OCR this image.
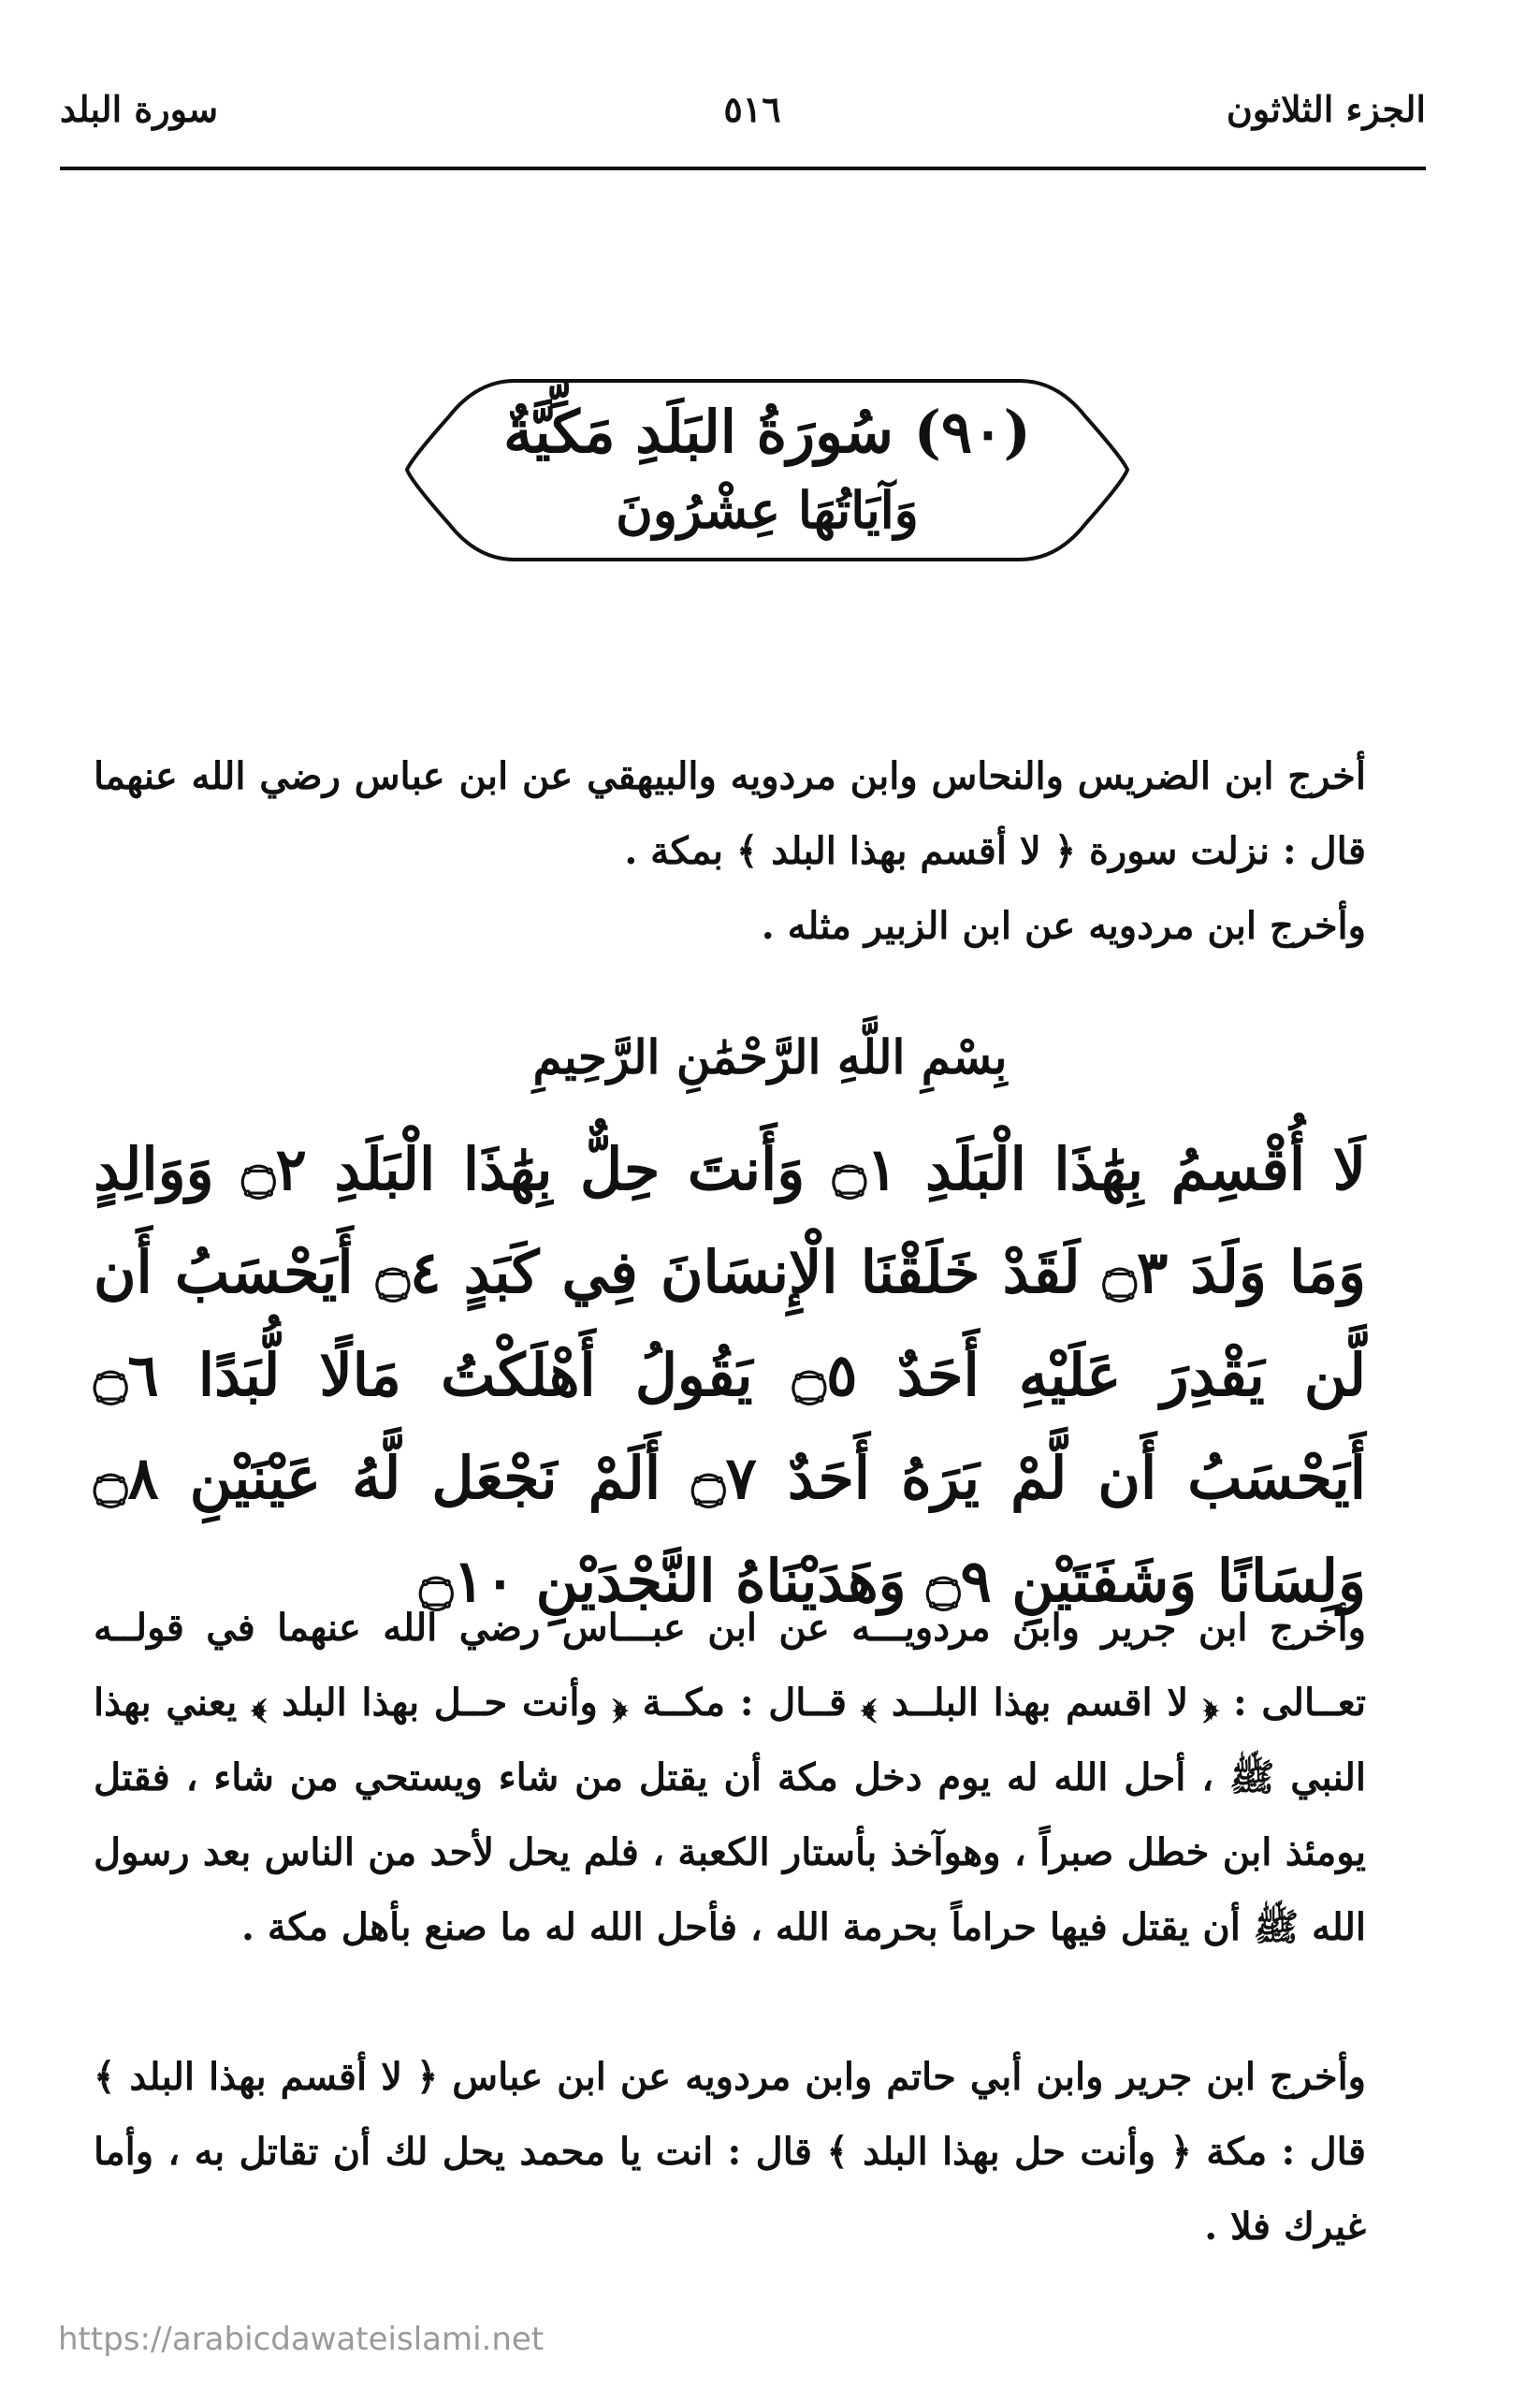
الجزء الثلاثون
٥١٦
سورة البلد
(٩٠) سُورَةُ البَلَدِ مَكِّيَّةٌ
وَآيَاتُهَا عِشْرُونَ
أخرج ابن الضريس والنحاس وابن مردويه والبيهقي عن ابن عباس رضي الله عنهما قال : نزلت سورة ﴿ لا أقسم بهذا البلد ﴾ بمكة .
وأخرج ابن مردويه عن ابن الزبير مثله .
بِسْمِ اللَّهِ الرَّحْمَٰنِ الرَّحِيمِ
لَا أُقْسِمُ بِهَٰذَا الْبَلَدِ ۝١ وَأَنتَ حِلٌّ بِهَٰذَا الْبَلَدِ ۝٢ وَوَالِدٍ وَمَا وَلَدَ ۝٣ لَقَدْ خَلَقْنَا الْإِنسَانَ فِي كَبَدٍ ۝٤ أَيَحْسَبُ أَن لَّن يَقْدِرَ عَلَيْهِ أَحَدٌ ۝٥ يَقُولُ أَهْلَكْتُ مَالًا لُّبَدًا ۝٦ أَيَحْسَبُ أَن لَّمْ يَرَهُ أَحَدٌ ۝٧ أَلَمْ نَجْعَل لَّهُ عَيْنَيْنِ ۝٨ وَلِسَانًا وَشَفَتَيْنِ ۝٩ وَهَدَيْنَاهُ النَّجْدَيْنِ ۝١٠
وأخرج ابن جرير وابن مردويـــه عن ابن عبـــاس رضي الله عنهما في قولــه تعــالى : ﴿ لا اقسم بهذا البلــد ﴾ قــال : مكــة ﴿ وأنت حــل بهذا البلد ﴾ يعني بهذا النبي ﷺ ، أحل الله له يوم دخل مكة أن يقتل من شاء ويستحي من شاء ، فقتل يومئذ ابن خطل صبراً ، وهوآخذ بأستار الكعبة ، فلم يحل لأحد من الناس بعد رسول الله ﷺ أن يقتل فيها حراماً بحرمة الله ، فأحل الله له ما صنع بأهل مكة .
وأخرج ابن جرير وابن أبي حاتم وابن مردويه عن ابن عباس ﴿ لا أقسم بهذا البلد ﴾ قال : مكة ﴿ وأنت حل بهذا البلد ﴾ قال : انت يا محمد يحل لك أن تقاتل به ، وأما غيرك فلا .
https://arabicdawateislami.net
